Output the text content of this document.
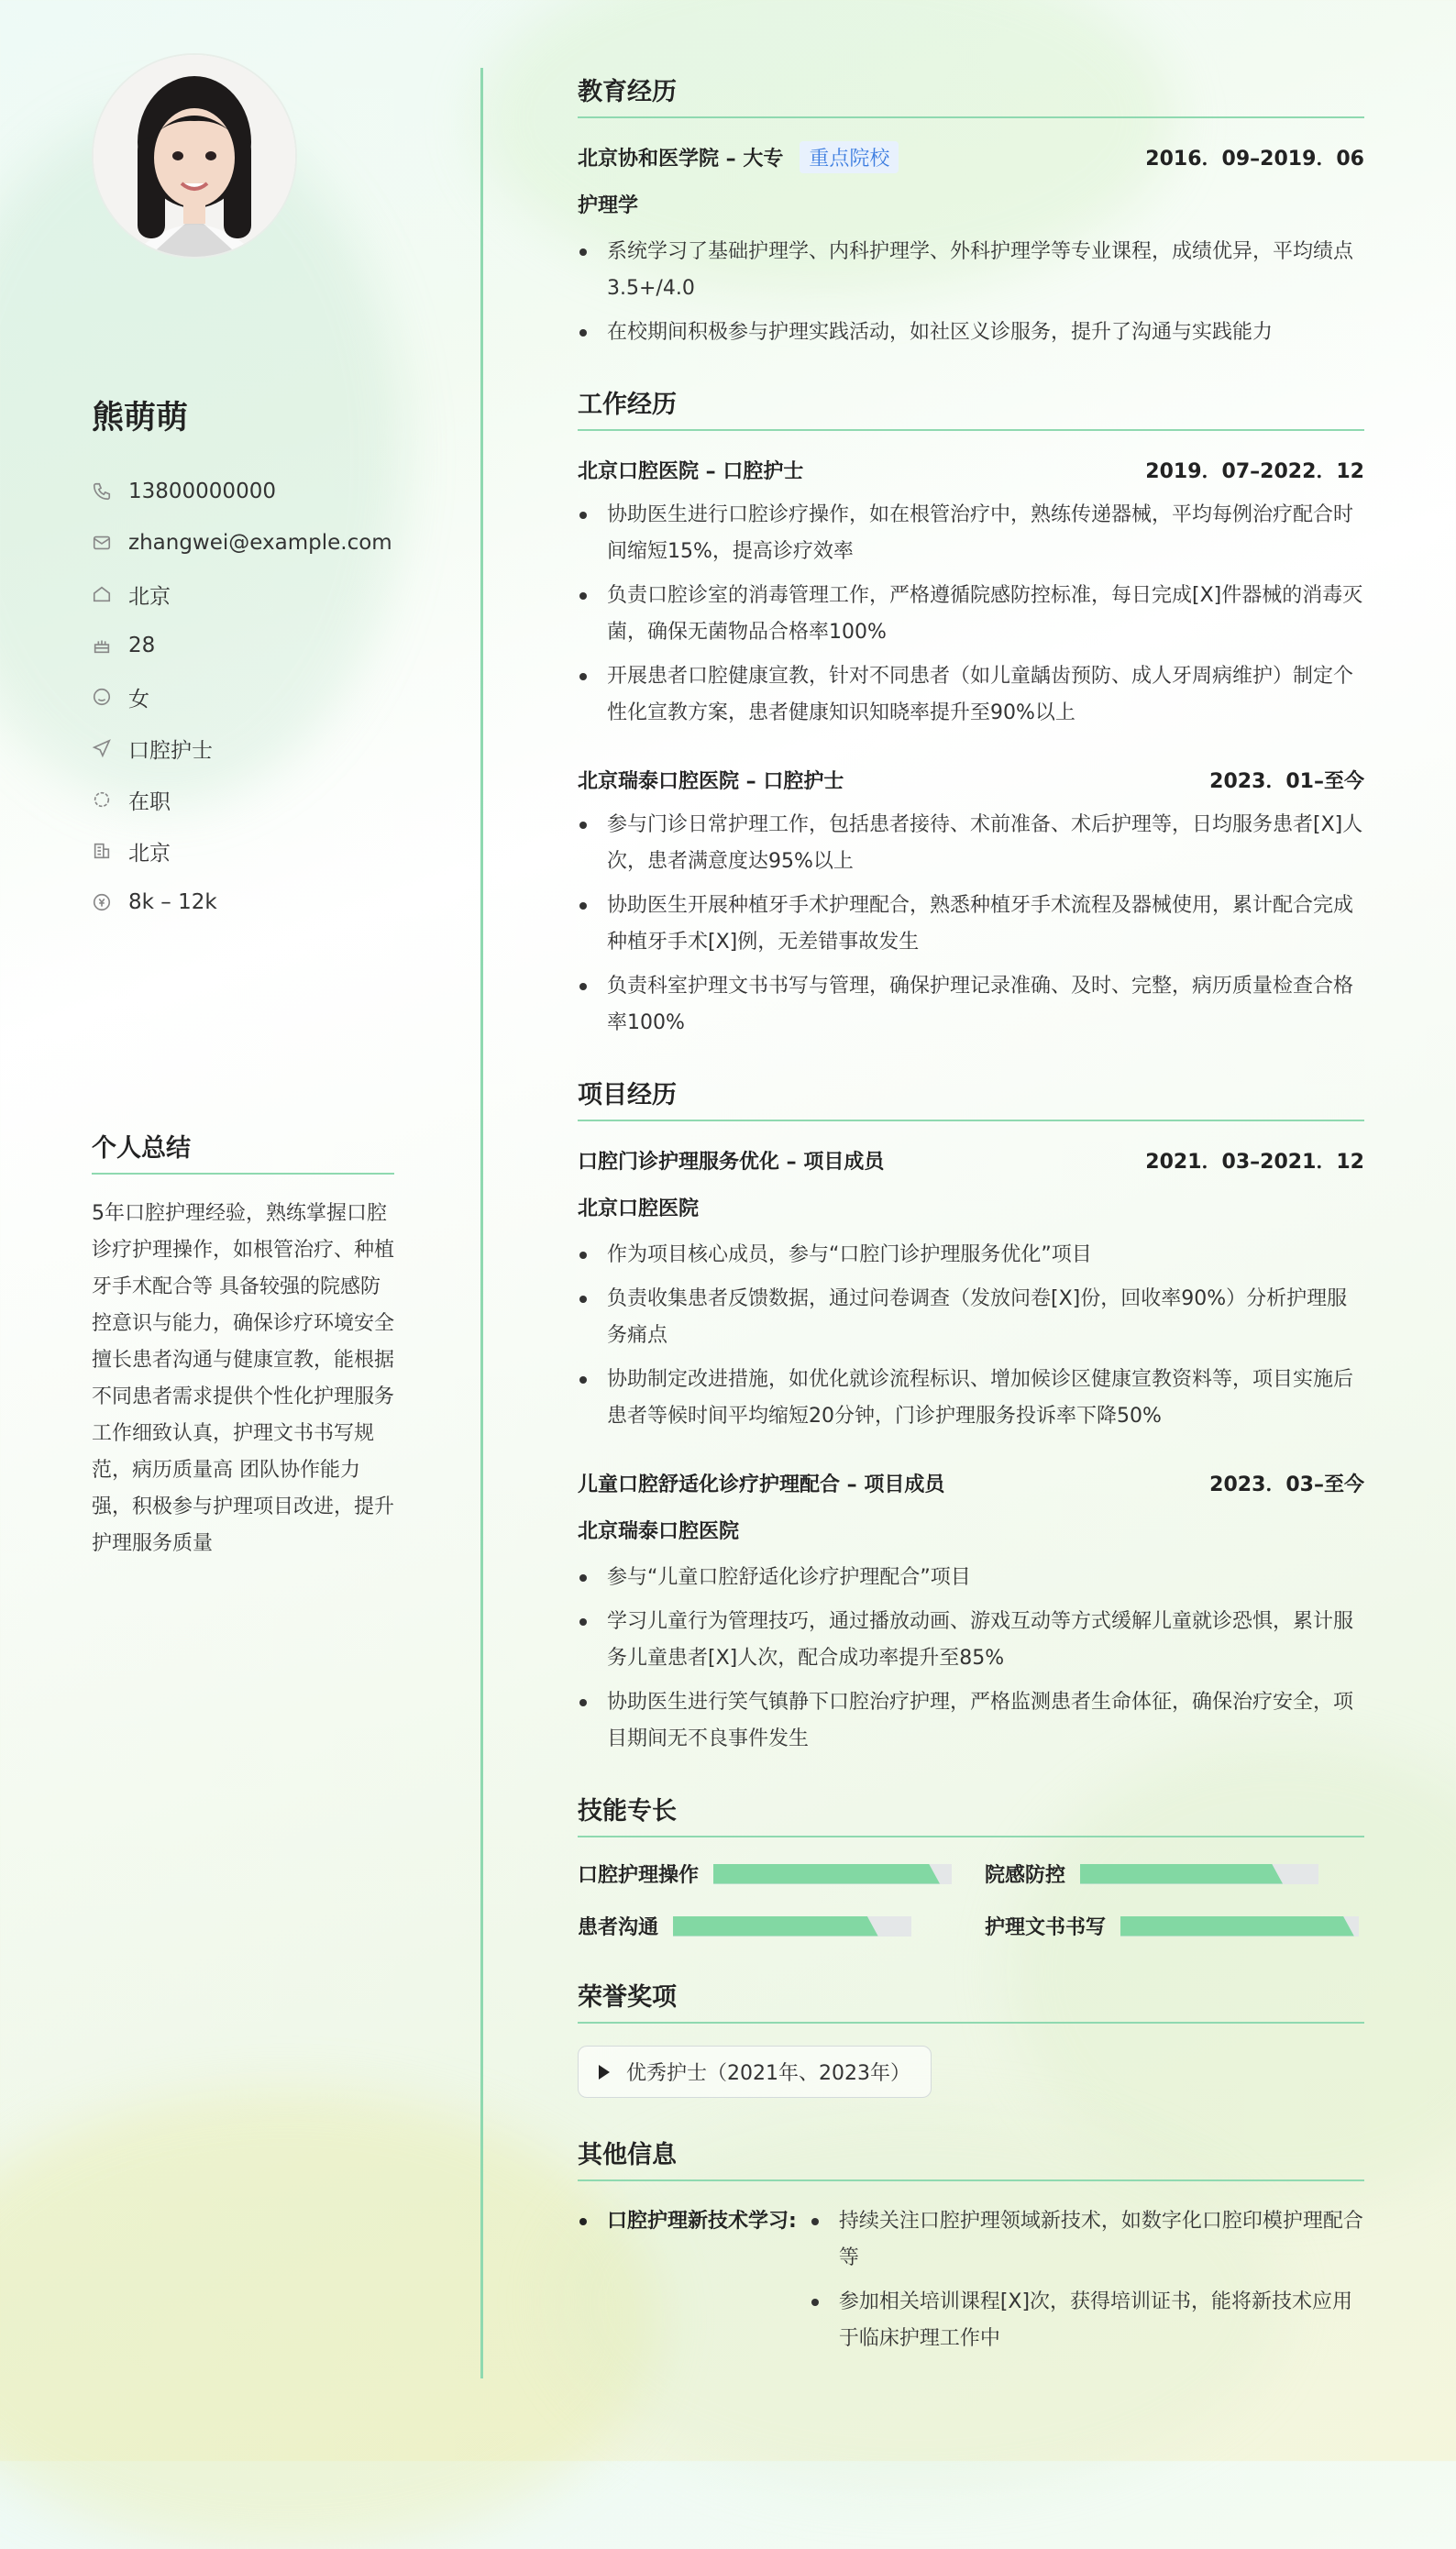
熊萌萌
13800000000
zhangwei@example.com
北京
28
女
口腔护士
在职
北京
8k – 12k
个人总结
5年口腔护理经验，熟练掌握口腔诊疗护理操作，如根管治疗、种植牙手术配合等 具备较强的院感防控意识与能力，确保诊疗环境安全 擅长患者沟通与健康宣教，能根据不同患者需求提供个性化护理服务 工作细致认真，护理文书书写规范，病历质量高 团队协作能力强，积极参与护理项目改进，提升护理服务质量
教育经历
北京协和医学院 – 大专	重点院校	2016．09–2019．06
护理学
系统学习了基础护理学、内科护理学、外科护理学等专业课程，成绩优异，平均绩点3.5+/4.0
在校期间积极参与护理实践活动，如社区义诊服务，提升了沟通与实践能力
工作经历
北京口腔医院 – 口腔护士	2019．07–2022．12
协助医生进行口腔诊疗操作，如在根管治疗中，熟练传递器械，平均每例治疗配合时间缩短15%，提高诊疗效率
负责口腔诊室的消毒管理工作，严格遵循院感防控标准，每日完成[X]件器械的消毒灭菌，确保无菌物品合格率100%
开展患者口腔健康宣教，针对不同患者（如儿童龋齿预防、成人牙周病维护）制定个性化宣教方案，患者健康知识知晓率提升至90%以上
北京瑞泰口腔医院 – 口腔护士	2023．01–至今
参与门诊日常护理工作，包括患者接待、术前准备、术后护理等，日均服务患者[X]人次，患者满意度达95%以上
协助医生开展种植牙手术护理配合，熟悉种植牙手术流程及器械使用，累计配合完成种植牙手术[X]例，无差错事故发生
负责科室护理文书书写与管理，确保护理记录准确、及时、完整，病历质量检查合格率100%
项目经历
口腔门诊护理服务优化 – 项目成员	2021．03–2021．12
北京口腔医院
作为项目核心成员，参与“口腔门诊护理服务优化”项目
负责收集患者反馈数据，通过问卷调查（发放问卷[X]份，回收率90%）分析护理服务痛点
协助制定改进措施，如优化就诊流程标识、增加候诊区健康宣教资料等，项目实施后患者等候时间平均缩短20分钟，门诊护理服务投诉率下降50%
儿童口腔舒适化诊疗护理配合 – 项目成员	2023．03–至今
北京瑞泰口腔医院
参与“儿童口腔舒适化诊疗护理配合”项目
学习儿童行为管理技巧，通过播放动画、游戏互动等方式缓解儿童就诊恐惧，累计服务儿童患者[X]人次，配合成功率提升至85%
协助医生进行笑气镇静下口腔治疗护理，严格监测患者生命体征，确保治疗安全，项目期间无不良事件发生
技能专长
口腔护理操作	院感防控
患者沟通	护理文书书写
荣誉奖项
优秀护士（2021年、2023年）
其他信息
口腔护理新技术学习:	持续关注口腔护理领域新技术，如数字化口腔印模护理配合等
参加相关培训课程[X]次，获得培训证书，能将新技术应用于临床护理工作中
